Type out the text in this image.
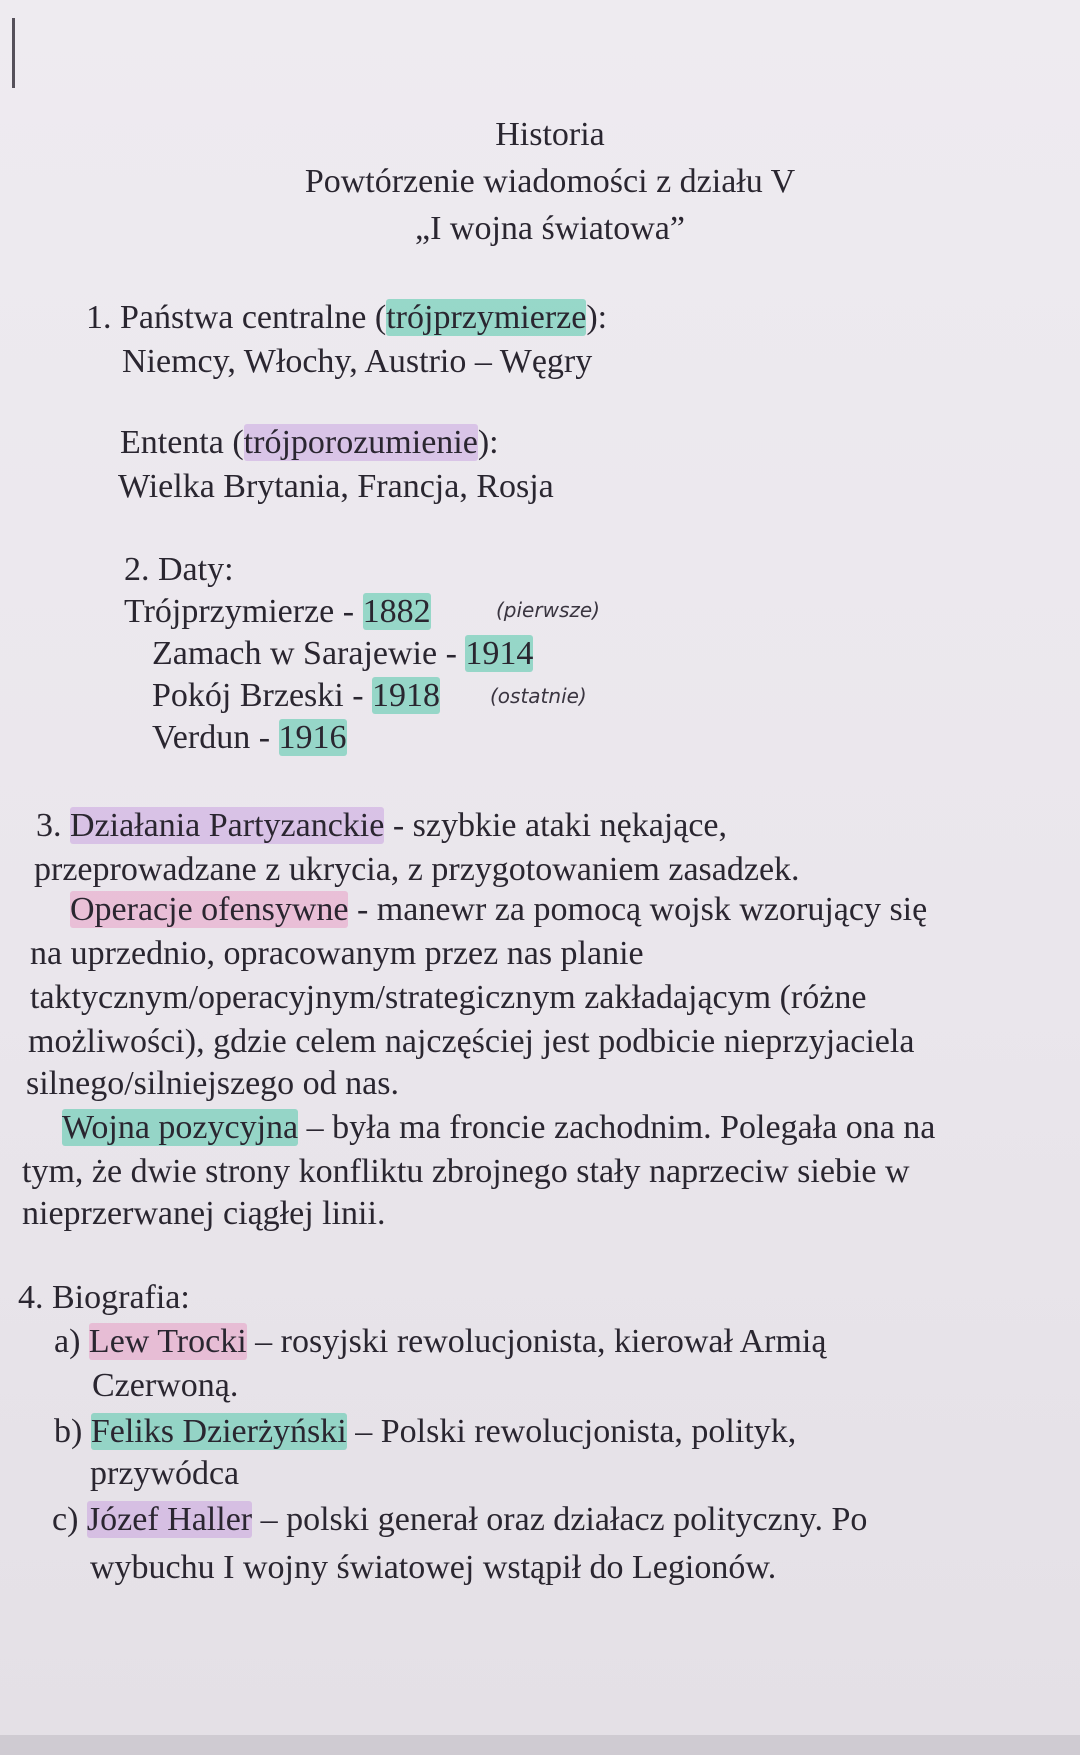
Historia
Powtórzenie wiadomości z działu V
„I wojna światowa”
1. Państwa centralne (trójprzymierze):
Niemcy, Włochy, Austrio – Węgry
Ententa (trójporozumienie):
Wielka Brytania, Francja, Rosja
2. Daty:
Trójprzymierze - 1882	(pierwsze)
Zamach w Sarajewie - 1914
Pokój Brzeski - 1918 (ostatnie)
Verdun - 1916
3. Działania Partyzanckie - szybkie ataki nękające,
przeprowadzane z ukrycia, z przygotowaniem zasadzek.
Operacje ofensywne - manewr za pomocą wojsk wzorujący się
na uprzednio, opracowanym przez nas planie
taktycznym/operacyjnym/strategicznym zakładającym (różne
możliwości), gdzie celem najczęściej jest podbicie nieprzyjaciela
silnego/silniejszego od nas.
Wojna pozycyjna – była ma froncie zachodnim. Polegała ona na
tym, że dwie strony konfliktu zbrojnego stały naprzeciw siebie w
nieprzerwanej ciągłej linii.
4. Biografia:
a) Lew Trocki – rosyjski rewolucjonista, kierował Armią
Czerwoną.
b) Feliks Dzierżyński – Polski rewolucjonista, polityk,
przywódca
c) Józef Haller – polski generał oraz działacz polityczny. Po
wybuchu I wojny światowej wstąpił do Legionów.
